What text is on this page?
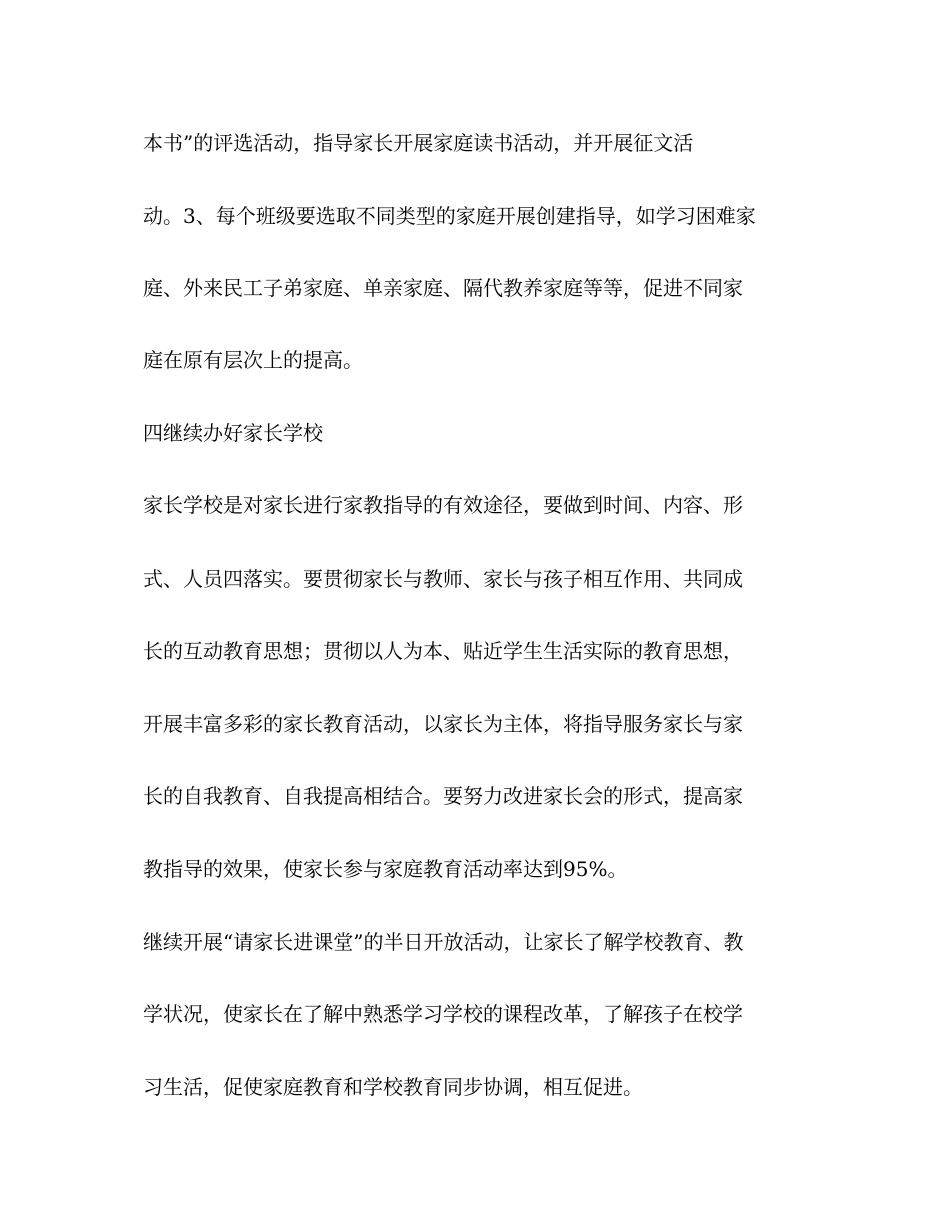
本书”的评选活动，指导家长开展家庭读书活动，并开展征文活
动。3、每个班级要选取不同类型的家庭开展创建指导，如学习困难家
庭、外来民工子弟家庭、单亲家庭、隔代教养家庭等等，促进不同家
庭在原有层次上的提高。
四继续办好家长学校
家长学校是对家长进行家教指导的有效途径，要做到时间、内容、形
式、人员四落实。要贯彻家长与教师、家长与孩子相互作用、共同成
长的互动教育思想；贯彻以人为本、贴近学生生活实际的教育思想，
开展丰富多彩的家长教育活动，以家长为主体，将指导服务家长与家
长的自我教育、自我提高相结合。要努力改进家长会的形式，提高家
教指导的效果，使家长参与家庭教育活动率达到95%。
继续开展“请家长进课堂”的半日开放活动，让家长了解学校教育、教
学状况，使家长在了解中熟悉学习学校的课程改革，了解孩子在校学
习生活，促使家庭教育和学校教育同步协调，相互促进。
